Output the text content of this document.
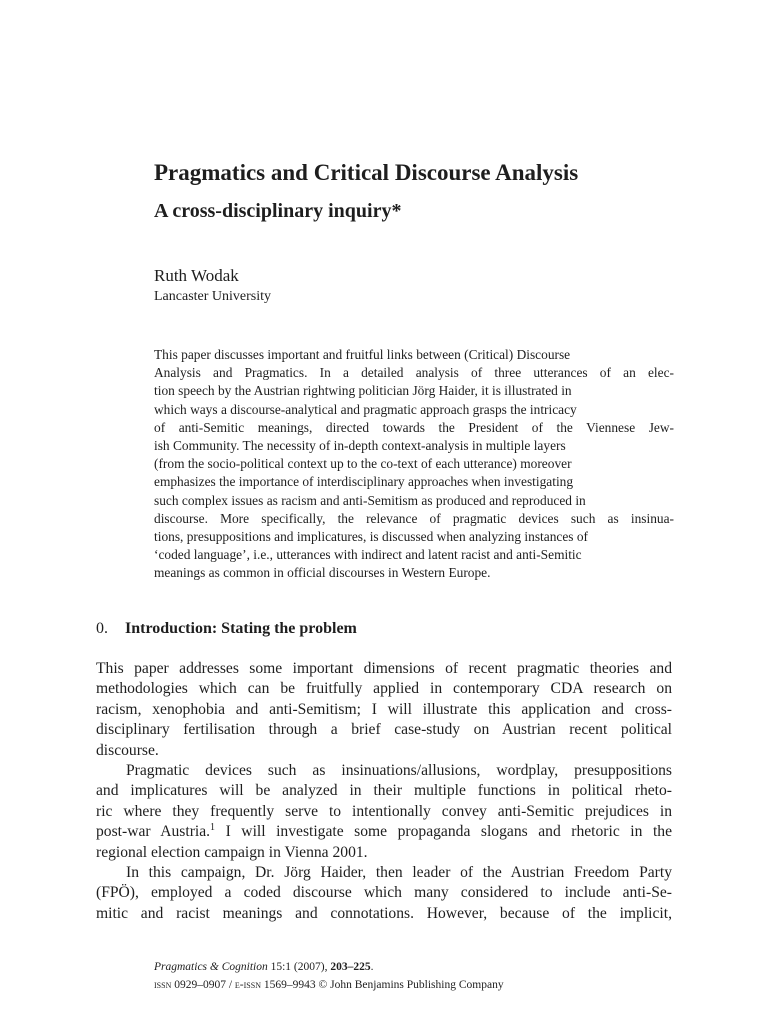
Pragmatics and Critical Discourse Analysis
A cross-disciplinary inquiry*
Ruth Wodak
Lancaster University

This paper discusses important and fruitful links between (Critical) Discourse
Analysis and Pragmatics. In a detailed analysis of three utterances of an elec-
tion speech by the Austrian rightwing politician Jörg Haider, it is illustrated in
which ways a discourse-analytical and pragmatic approach grasps the intricacy
of anti-Semitic meanings, directed towards the President of the Viennese Jew-
ish Community. The necessity of in-depth context-analysis in multiple layers
(from the socio-political context up to the co-text of each utterance) moreover
emphasizes the importance of interdisciplinary approaches when investigating
such complex issues as racism and anti-Semitism as produced and reproduced in
discourse. More specifically, the relevance of pragmatic devices such as insinua-
tions, presuppositions and implicatures, is discussed when analyzing instances of
‘coded language’, i.e., utterances with indirect and latent racist and anti-Semitic
meanings as common in official discourses in Western Europe.

0. Introduction: Stating the problem
This paper addresses some important dimensions of recent pragmatic theories and
methodologies which can be fruitfully applied in contemporary CDA research on
racism, xenophobia and anti-Semitism; I will illustrate this application and cross-
disciplinary fertilisation through a brief case-study on Austrian recent political
discourse.
Pragmatic devices such as insinuations/allusions, wordplay, presuppositions
and implicatures will be analyzed in their multiple functions in political rheto-
ric where they frequently serve to intentionally convey anti-Semitic prejudices in
post-war Austria.$^1$ I will investigate some propaganda slogans and rhetoric in the
regional election campaign in Vienna 2001.
In this campaign, Dr. Jörg Haider, then leader of the Austrian Freedom Party
(FPÖ), employed a coded discourse which many considered to include anti-Se-
mitic and racist meanings and connotations. However, because of the implicit,
Pragmatics & Cognition 15:1 (2007), 203–225.
issn 0929–0907 / e-issn 1569–9943 © John Benjamins Publishing Company
